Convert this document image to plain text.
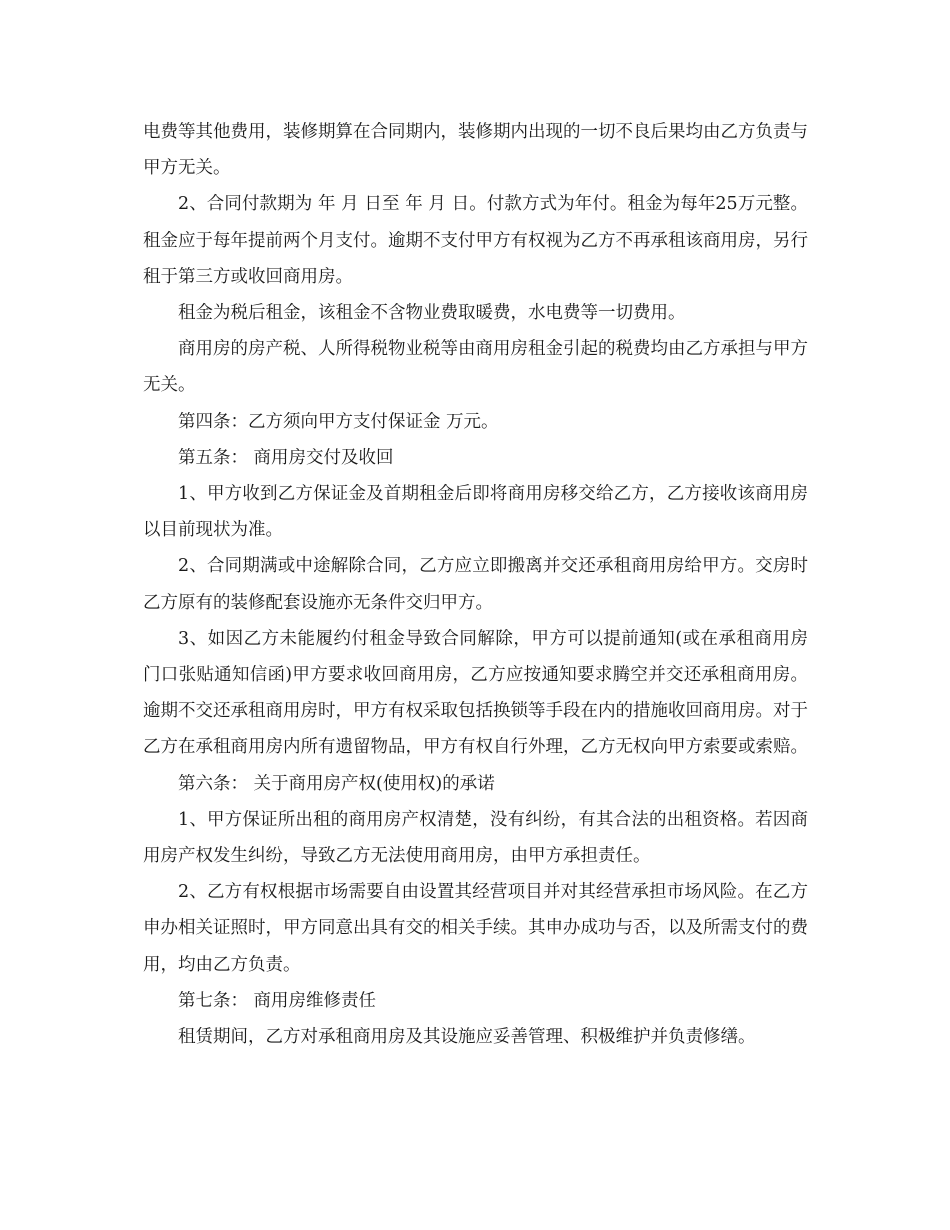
电费等其他费用，装修期算在合同期内，装修期内出现的一切不良后果均由乙方负责与甲方无关。

2、合同付款期为 年 月 日至 年 月 日。付款方式为年付。租金为每年25万元整。租金应于每年提前两个月支付。逾期不支付甲方有权视为乙方不再承租该商用房，另行租于第三方或收回商用房。

租金为税后租金，该租金不含物业费取暖费，水电费等一切费用。

商用房的房产税、人所得税物业税等由商用房租金引起的税费均由乙方承担与甲方无关。

第四条：乙方须向甲方支付保证金 万元。

第五条： 商用房交付及收回

1、甲方收到乙方保证金及首期租金后即将商用房移交给乙方，乙方接收该商用房以目前现状为准。

2、合同期满或中途解除合同，乙方应立即搬离并交还承租商用房给甲方。交房时乙方原有的装修配套设施亦无条件交归甲方。

3、如因乙方未能履约付租金导致合同解除，甲方可以提前通知(或在承租商用房门口张贴通知信函)甲方要求收回商用房，乙方应按通知要求腾空并交还承租商用房。逾期不交还承租商用房时，甲方有权采取包括换锁等手段在内的措施收回商用房。对于乙方在承租商用房内所有遗留物品，甲方有权自行外理，乙方无权向甲方索要或索赔。

第六条： 关于商用房产权(使用权)的承诺

1、甲方保证所出租的商用房产权清楚，没有纠纷，有其合法的出租资格。若因商用房产权发生纠纷，导致乙方无法使用商用房，由甲方承担责任。

2、乙方有权根据市场需要自由设置其经营项目并对其经营承担市场风险。在乙方申办相关证照时，甲方同意出具有交的相关手续。其申办成功与否，以及所需支付的费用，均由乙方负责。

第七条： 商用房维修责任

租赁期间，乙方对承租商用房及其设施应妥善管理、积极维护并负责修缮。
